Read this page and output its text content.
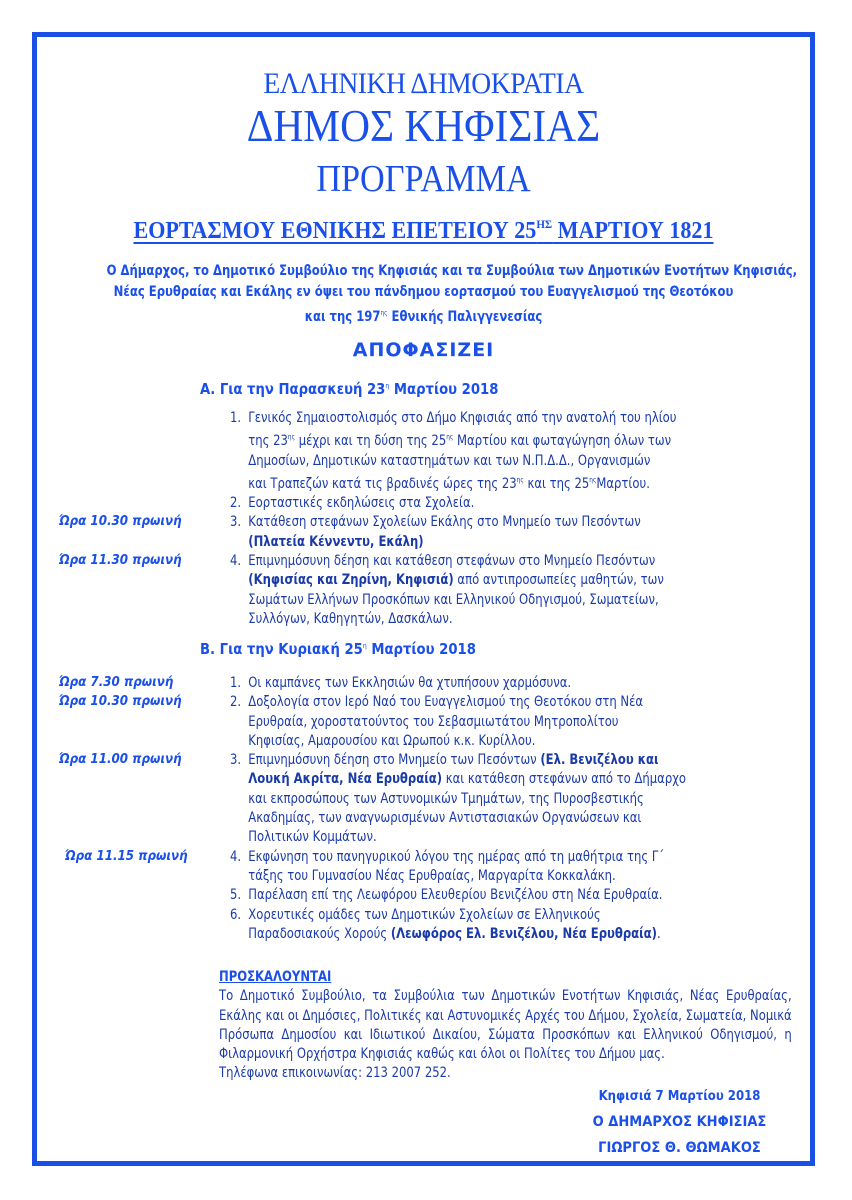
ΕΛΛΗΝΙΚΗ ΔΗΜΟΚΡΑΤΙΑ
ΔΗΜΟΣ ΚΗΦΙΣΙΑΣ
ΠΡΟΓΡΑΜΜΑ
ΕΟΡΤΑΣΜΟΥ ΕΘΝΙΚΗΣ ΕΠΕΤΕΙΟΥ $25^{H\Sigma}$ ΜΑΡΤΙΟΥ 1821
Ο Δήμαρχος, το Δημοτικό Συμβούλιο της Κηφισιάς και τα Συμβούλια των Δημοτικών Ενοτήτων Κηφισιάς,
Νέας Ερυθραίας και Εκάλης εν όψει του πάνδημου εορτασμού του Ευαγγελισμού της Θεοτόκου
και της $197^{\eta\varsigma}$ Εθνικής Παλιγγενεσίας
ΑΠΟΦΑΣΙΖΕΙ
Α. Για την Παρασκευή $23^\eta$ Μαρτίου 2018
1. Γενικός Σημαιοστολισμός στο Δήμο Κηφισιάς από την ανατολή του ηλίου
της $23^{\eta\varsigma}$ μέχρι και τη δύση της $25^{\eta\varsigma}$ Μαρτίου και φωταγώγηση όλων των
Δημοσίων, Δημοτικών καταστημάτων και των Ν.Π.Δ.Δ., Οργανισμών
και Τραπεζών κατά τις βραδινές ώρες της $23^{\eta\varsigma}$ και της $25^{\eta\varsigma}M\alpha\rho\tau ίo\upsilon$.
2. Εορταστικές εκδηλώσεις στα Σχολεία.
Ώρα 10.30 πρωινή	3. Κατάθεση στεφάνων Σχολείων Εκάλης στο Μνημείο των Πεσόντων
(Πλατεία Κέννεντυ, Εκάλη)
Ώρα 11.30 πρωινή	4. Επιμνημόσυνη δέηση και κατάθεση στεφάνων στο Μνημείο Πεσόντων
(Κηφισίας και Ζηρίνη, Κηφισιά) από αντιπροσωπείες μαθητών, των
Σωμάτων Ελλήνων Προσκόπων και Ελληνικού Οδηγισμού, Σωματείων,
Συλλόγων, Καθηγητών, Δασκάλων.
Β. Για την Κυριακή $25^\eta$ Μαρτίου 2018
Ώρα 7.30 πρωινή	1. Οι καμπάνες των Εκκλησιών θα χτυπήσουν χαρμόσυνα.
Ώρα 10.30 πρωινή	2. Δοξολογία στον Ιερό Ναό του Ευαγγελισμού της Θεοτόκου στη Νέα
Ερυθραία, χοροστατούντος του Σεβασμιωτάτου Μητροπολίτου
Κηφισίας, Αμαρουσίου και Ωρωπού κ.κ. Κυρίλλου.
Ώρα 11.00 πρωινή	3. Επιμνημόσυνη δέηση στο Μνημείο των Πεσόντων (Ελ. Βενιζέλου και
Λουκή Ακρίτα, Νέα Ερυθραία) και κατάθεση στεφάνων από το Δήμαρχο
και εκπροσώπους των Αστυνομικών Τμημάτων, της Πυροσβεστικής
Ακαδημίας, των αναγνωρισμένων Αντιστασιακών Οργανώσεων και
Πολιτικών Κομμάτων.
Ώρα 11.15 πρωινή	4. Εκφώνηση του πανηγυρικού λόγου της ημέρας από τη μαθήτρια της Γ΄
τάξης του Γυμνασίου Νέας Ερυθραίας, Μαργαρίτα Κοκκαλάκη.
5. Παρέλαση επί της Λεωφόρου Ελευθερίου Βενιζέλου στη Νέα Ερυθραία.
6. Χορευτικές ομάδες των Δημοτικών Σχολείων σε Ελληνικούς
Παραδοσιακούς Χορούς (Λεωφόρος Ελ. Βενιζέλου, Νέα Ερυθραία).
ΠΡΟΣΚΑΛΟΥΝΤΑΙ
Το Δημοτικό Συμβούλιο, τα Συμβούλια των Δημοτικών Ενοτήτων Κηφισιάς, Νέας Ερυθραίας, Εκάλης και οι Δημόσιες, Πολιτικές και Αστυνομικές Αρχές του Δήμου, Σχολεία, Σωματεία, Νομικά Πρόσωπα Δημοσίου και Ιδιωτικού Δικαίου, Σώματα Προσκόπων και Ελληνικού Οδηγισμού, η Φιλαρμονική Ορχήστρα Κηφισιάς καθώς και όλοι οι Πολίτες του Δήμου μας.
Τηλέφωνα επικοινωνίας: 213 2007 252.
Κηφισιά 7 Μαρτίου 2018
Ο ΔΗΜΑΡΧΟΣ ΚΗΦΙΣΙΑΣ
ΓΙΩΡΓΟΣ Θ. ΘΩΜΑΚΟΣ
